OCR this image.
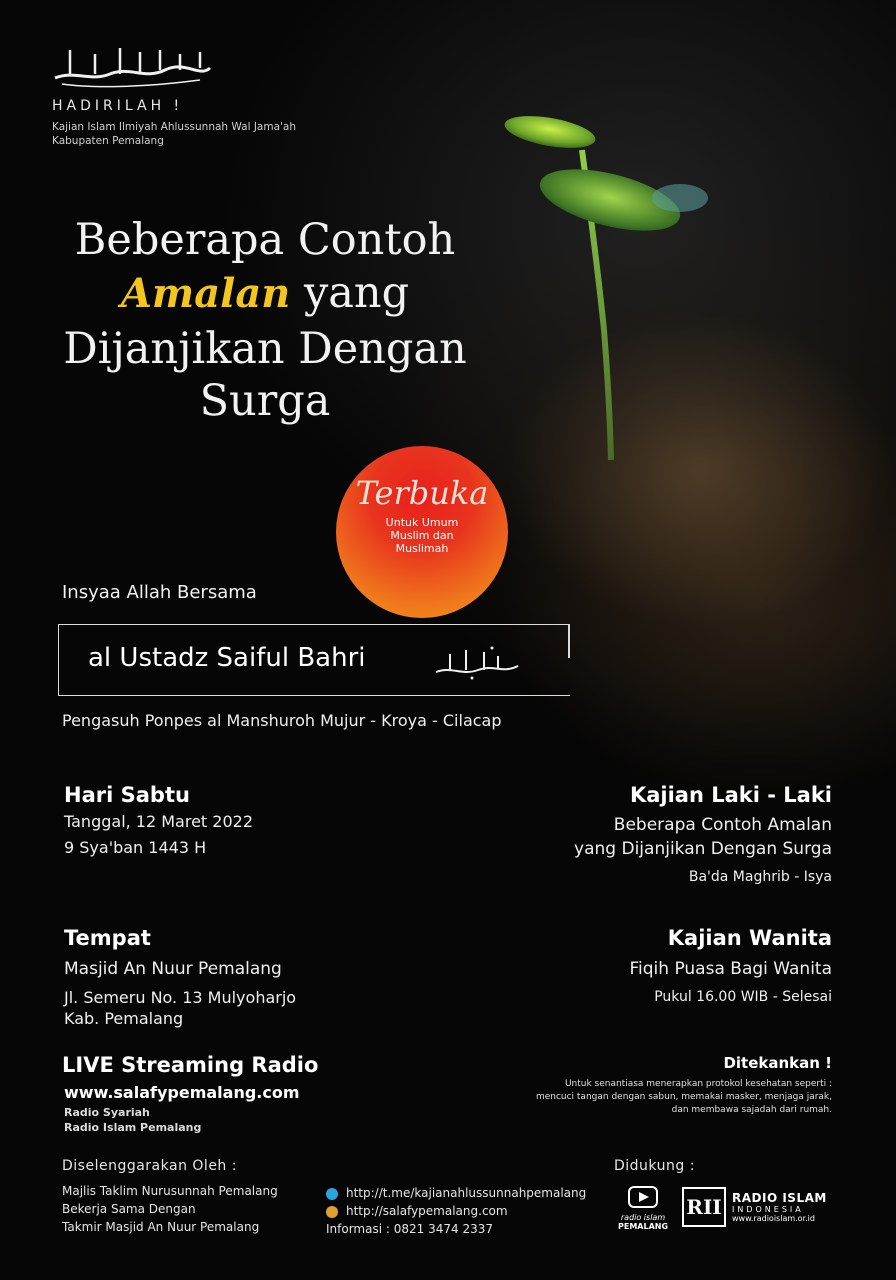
HADIRILAH !
Kajian Islam Ilmiyah Ahlussunnah Wal Jama'ah
Kabupaten Pemalang
Beberapa Contoh
Amalan yang
Dijanjikan Dengan
Surga
Terbuka
Untuk Umum
Muslim dan
Muslimah
Insyaa Allah Bersama
al Ustadz Saiful Bahri
Pengasuh Ponpes al Manshuroh Mujur - Kroya - Cilacap
Hari Sabtu
Tanggal, 12 Maret 2022
9 Sya'ban 1443 H
Tempat
Masjid An Nuur Pemalang
Jl. Semeru No. 13 Mulyoharjo
Kab. Pemalang
LIVE Streaming Radio
www.salafypemalang.com
Radio Syariah
Radio Islam Pemalang
Kajian Laki - Laki
Beberapa Contoh Amalan
yang Dijanjikan Dengan Surga
Ba'da Maghrib - Isya
Kajian Wanita
Fiqih Puasa Bagi Wanita
Pukul 16.00 WIB - Selesai
Ditekankan !
Untuk senantiasa menerapkan protokol kesehatan seperti :
mencuci tangan dengan sabun, memakai masker, menjaga jarak,
dan membawa sajadah dari rumah.
Diselenggarakan Oleh :
Majlis Taklim Nurusunnah Pemalang
Bekerja Sama Dengan
Takmir Masjid An Nuur Pemalang
http://t.me/kajianahlussunnahpemalang
http://salafypemalang.com
Informasi : 0821 3474 2337
Didukung :
radio islam
PEMALANG
RII RADIO ISLAM
INDONESIA
www.radioislam.or.id
